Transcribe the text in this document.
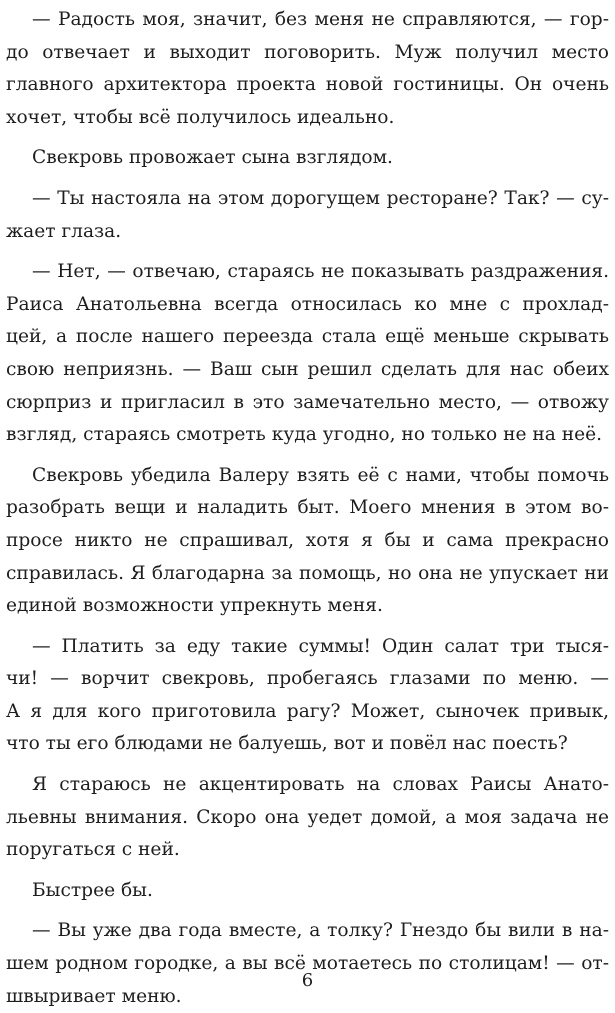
— Радость моя, значит, без меня не справляются, — гор-
до отвечает и выходит поговорить. Муж получил место
главного архитектора проекта новой гостиницы. Он очень
хочет, чтобы всё получилось идеально.
Свекровь провожает сына взглядом.
— Ты настояла на этом дорогущем ресторане? Так? — су-
жает глаза.
— Нет, — отвечаю, стараясь не показывать раздражения.
Раиса Анатольевна всегда относилась ко мне с прохлад-
цей, а после нашего переезда стала ещё меньше скрывать
свою неприязнь. — Ваш сын решил сделать для нас обеих
сюрприз и пригласил в это замечательно место, — отвожу
взгляд, стараясь смотреть куда угодно, но только не на неё.
Свекровь убедила Валеру взять её с нами, чтобы помочь
разобрать вещи и наладить быт. Моего мнения в этом во-
просе никто не спрашивал, хотя я бы и сама прекрасно
справилась. Я благодарна за помощь, но она не упускает ни
единой возможности упрекнуть меня.
— Платить за еду такие суммы! Один салат три тыся-
чи! — ворчит свекровь, пробегаясь глазами по меню. —
А я для кого приготовила рагу? Может, сыночек привык,
что ты его блюдами не балуешь, вот и повёл нас поесть?
Я стараюсь не акцентировать на словах Раисы Анато-
льевны внимания. Скоро она уедет домой, а моя задача не
поругаться с ней.
Быстрее бы.
— Вы уже два года вместе, а толку? Гнездо бы вили в на-
шем родном городке, а вы всё мотаетесь по столицам! — от-
швыривает меню.
6
